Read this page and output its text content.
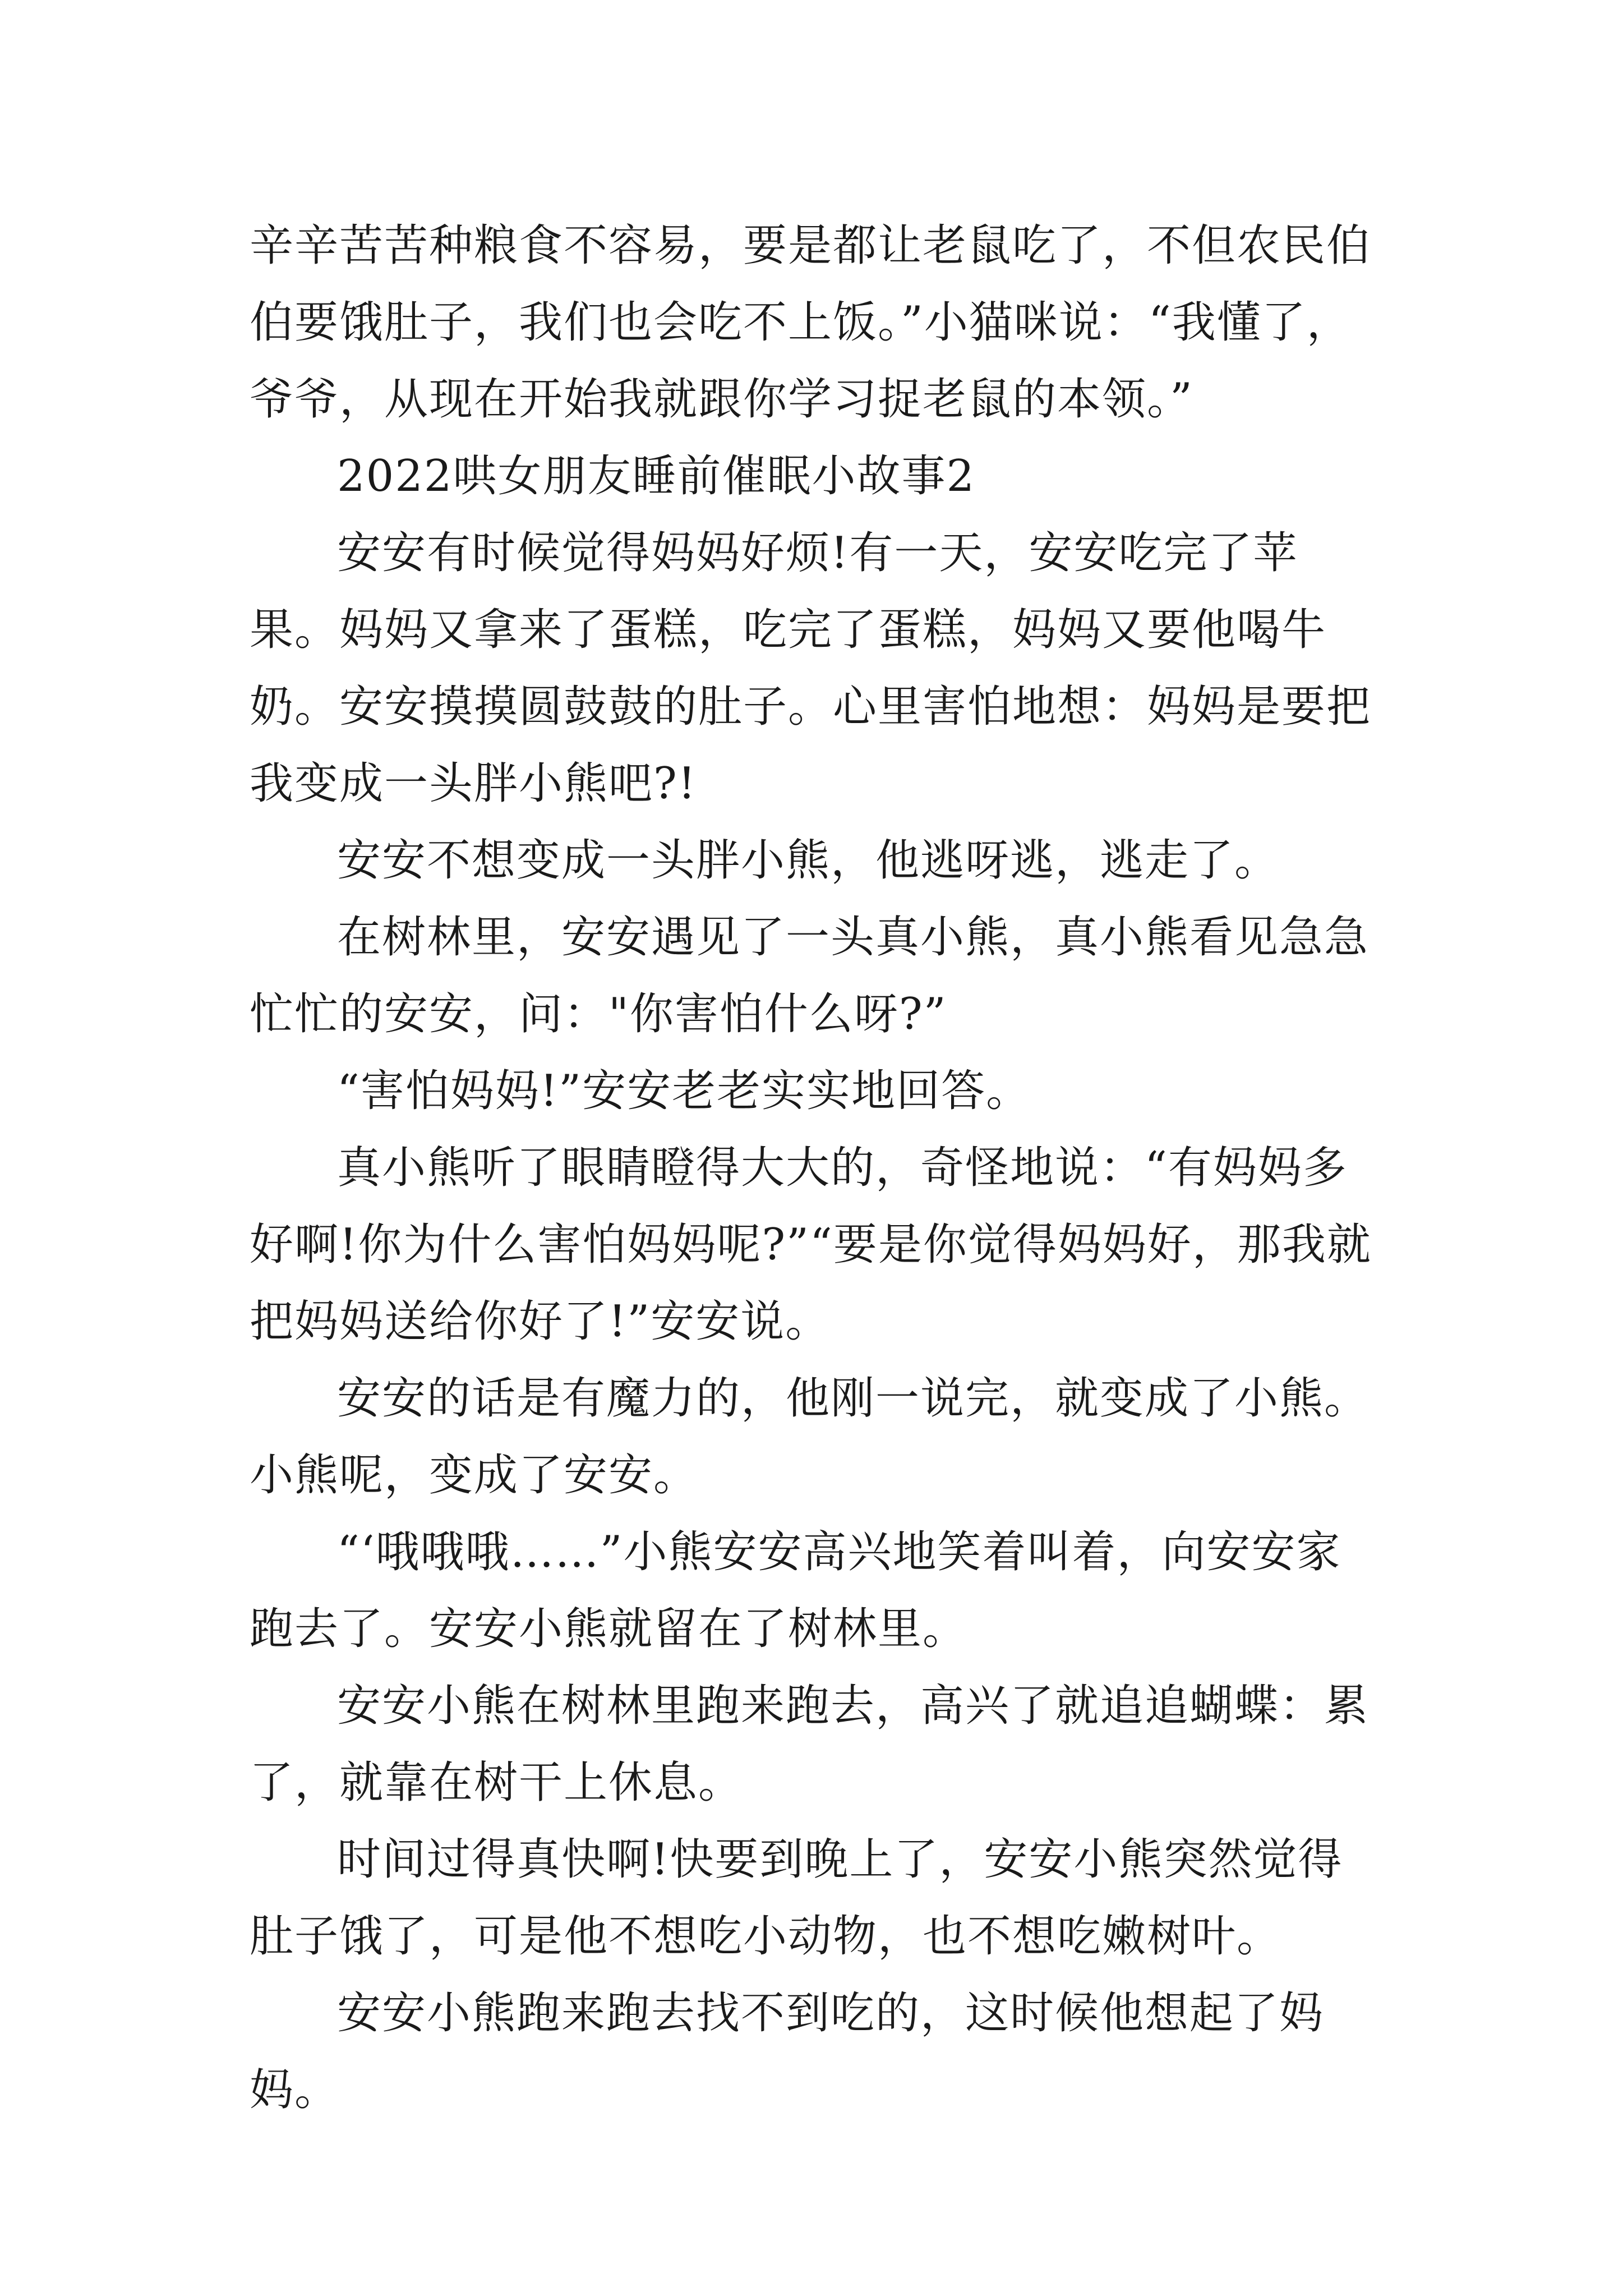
辛辛苦苦种粮食不容易，要是都让老鼠吃了，不但农民伯伯要饿肚子，我们也会吃不上饭。”小猫咪说：“我懂了，爷爷，从现在开始我就跟你学习捉老鼠的本领。”

2022哄女朋友睡前催眠小故事2

安安有时候觉得妈妈好烦!有一天，安安吃完了苹果。妈妈又拿来了蛋糕，吃完了蛋糕，妈妈又要他喝牛奶。安安摸摸圆鼓鼓的肚子。心里害怕地想：妈妈是要把我变成一头胖小熊吧?!

安安不想变成一头胖小熊，他逃呀逃，逃走了。

在树林里，安安遇见了一头真小熊，真小熊看见急急忙忙的安安，问："你害怕什么呀?”

“害怕妈妈!”安安老老实实地回答。

真小熊听了眼睛瞪得大大的，奇怪地说：“有妈妈多好啊!你为什么害怕妈妈呢?”“要是你觉得妈妈好，那我就把妈妈送给你好了!”安安说。

安安的话是有魔力的，他刚一说完，就变成了小熊。小熊呢，变成了安安。

“‘哦哦哦……”小熊安安高兴地笑着叫着，向安安家跑去了。安安小熊就留在了树林里。

安安小熊在树林里跑来跑去，高兴了就追追蝴蝶：累了，就靠在树干上休息。

时间过得真快啊!快要到晚上了，安安小熊突然觉得肚子饿了，可是他不想吃小动物，也不想吃嫩树叶。

安安小熊跑来跑去找不到吃的，这时候他想起了妈妈。
